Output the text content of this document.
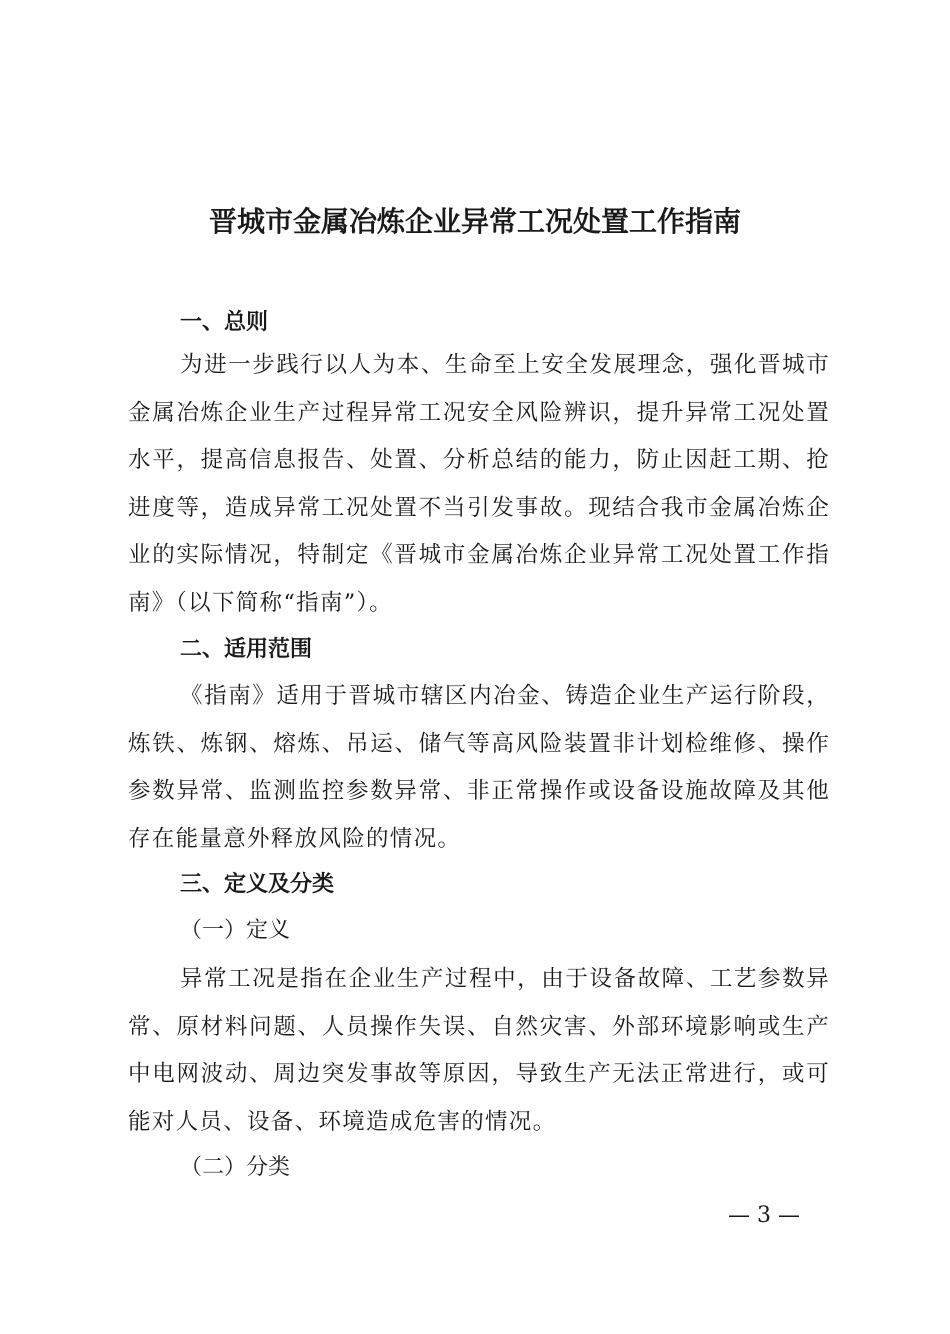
晋城市金属冶炼企业异常工况处置工作指南
一、总则

为进一步践行以人为本、生命至上安全发展理念，强化晋城市金属冶炼企业生产过程异常工况安全风险辨识，提升异常工况处置水平，提高信息报告、处置、分析总结的能力，防止因赶工期、抢进度等，造成异常工况处置不当引发事故。现结合我市金属冶炼企业的实际情况，特制定《晋城市金属冶炼企业异常工况处置工作指南》（以下简称“指南”）。

二、适用范围

《指南》适用于晋城市辖区内冶金、铸造企业生产运行阶段，炼铁、炼钢、熔炼、吊运、储气等高风险装置非计划检维修、操作参数异常、监测监控参数异常、非正常操作或设备设施故障及其他存在能量意外释放风险的情况。

三、定义及分类
（一）定义

异常工况是指在企业生产过程中，由于设备故障、工艺参数异常、原材料问题、人员操作失误、自然灾害、外部环境影响或生产中电网波动、周边突发事故等原因，导致生产无法正常进行，或可能对人员、设备、环境造成危害的情况。

（二）分类
— 3 —
